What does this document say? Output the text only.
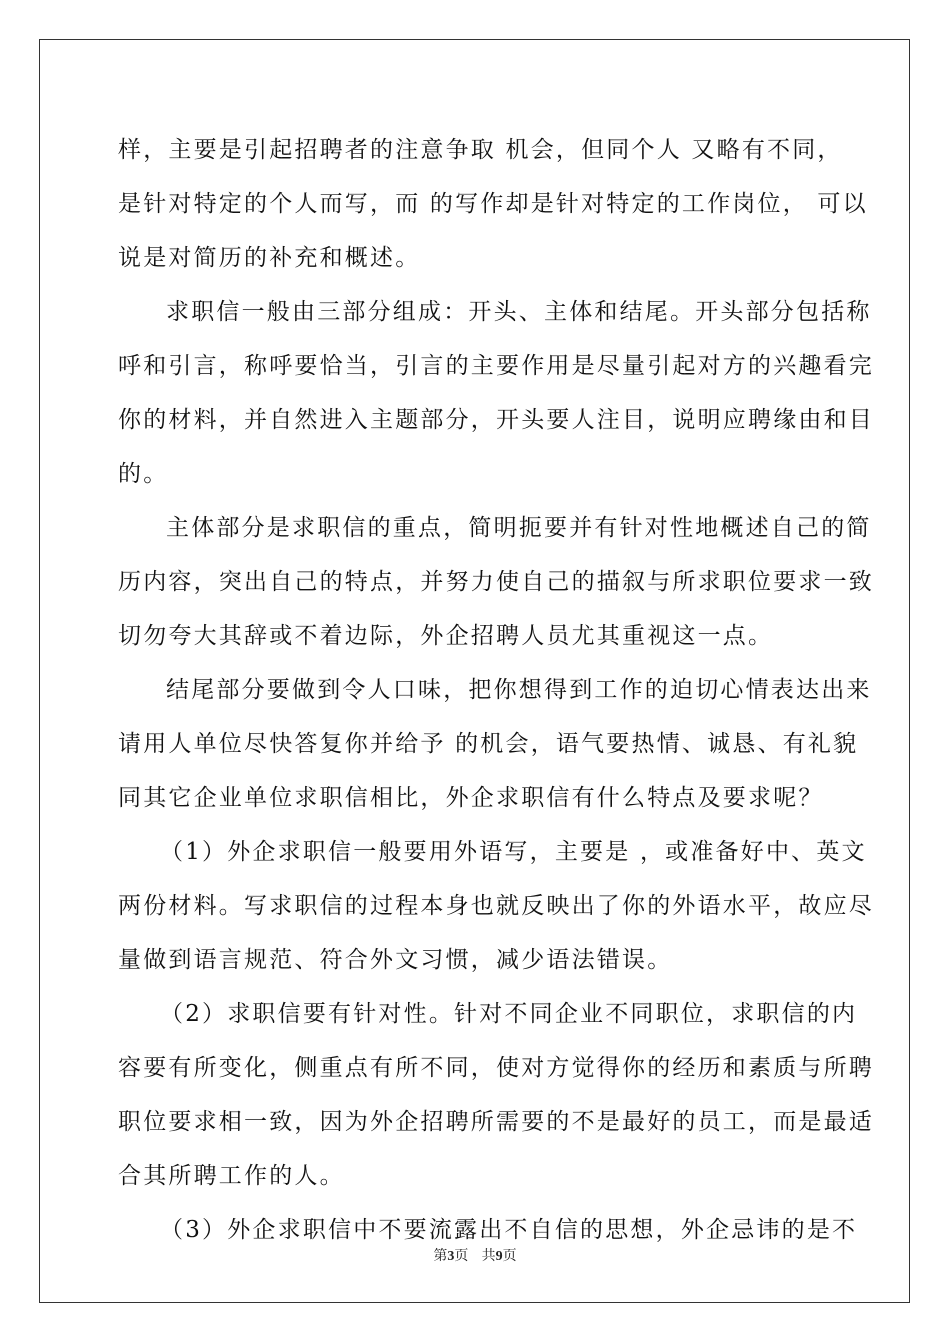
样，主要是引起招聘者的注意争取 机会，但同个人 又略有不同，
是针对特定的个人而写，而 的写作却是针对特定的工作岗位， 可以
说是对简历的补充和概述。
求职信一般由三部分组成：开头、主体和结尾。开头部分包括称
呼和引言，称呼要恰当，引言的主要作用是尽量引起对方的兴趣看完
你的材料，并自然进入主题部分，开头要人注目，说明应聘缘由和目
的。
主体部分是求职信的重点，简明扼要并有针对性地概述自己的简
历内容，突出自己的特点，并努力使自己的描叙与所求职位要求一致
切勿夸大其辞或不着边际，外企招聘人员尤其重视这一点。
结尾部分要做到令人口味，把你想得到工作的迫切心情表达出来
请用人单位尽快答复你并给予 的机会，语气要热情、诚恳、有礼貌
同其它企业单位求职信相比，外企求职信有什么特点及要求呢？
（1）外企求职信一般要用外语写，主要是 ，或准备好中、英文
两份材料。写求职信的过程本身也就反映出了你的外语水平，故应尽
量做到语言规范、符合外文习惯，减少语法错误。
（2）求职信要有针对性。针对不同企业不同职位，求职信的内
容要有所变化，侧重点有所不同，使对方觉得你的经历和素质与所聘
职位要求相一致，因为外企招聘所需要的不是最好的员工，而是最适
合其所聘工作的人。
（3）外企求职信中不要流露出不自信的思想，外企忌讳的是不
第3页 共9页
